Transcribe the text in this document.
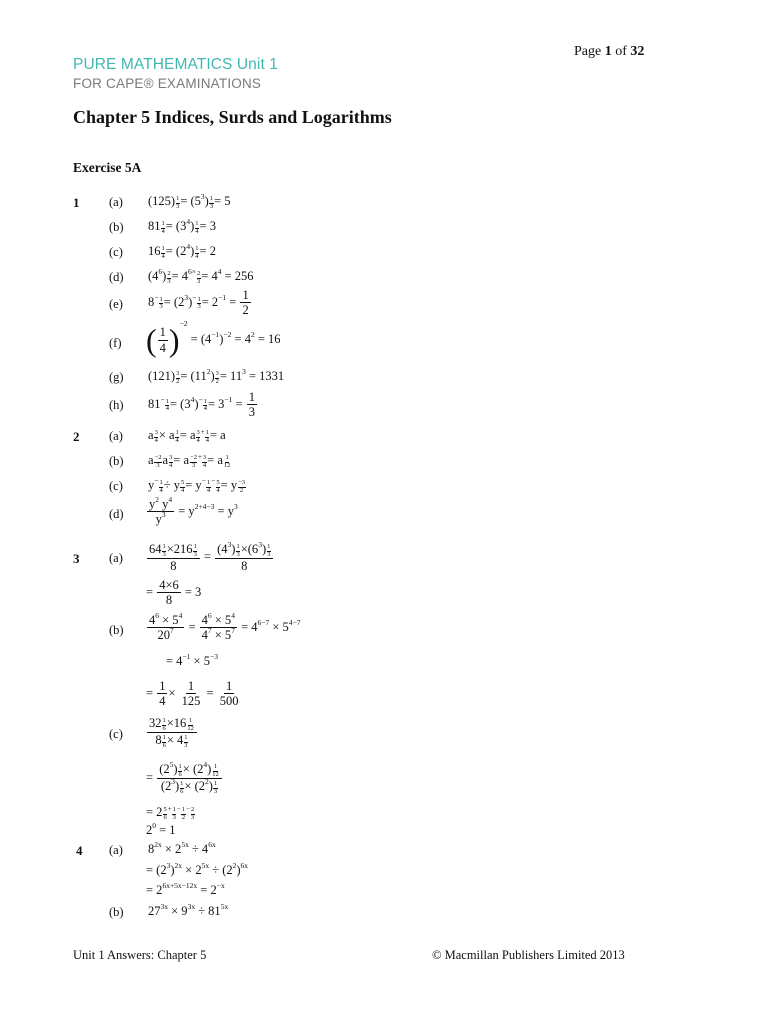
Page 1 of 32
PURE MATHEMATICS Unit 1
FOR CAPE® EXAMINATIONS
Chapter 5 Indices, Surds and Logarithms
Exercise 5A
1
2
3
4
(a)
(b)
(c)
(d)
(e)
(f)
(g)
(h)
(a)
(b)
(c)
(d)
(a)
(b)
(c)
(a)
(b)
$(125) \frac{1}{3} = (5^3) \frac{1}{3} = 5$
$81 \frac{1}{4} = (3^4) \frac{1}{4} = 3$
$16 \frac{1}{4} = (2^4) \frac{1}{4} = 2$
$(4^6) \frac{2}{3} = 4^{6\times} \frac{2}{3} = 4^4 = 256$
$8^- \frac{1}{3} = (2^3)^- \frac{1}{3} = 2^{-1} = \frac{1}{2}$
( $\frac{1}{4} )^{-2} = (4^{-1})^{-2} = 4^2 = 16$
$(121) \frac{3}{2} = (11^2) \frac{3}{2} = 11^3 = 1331$
$81^- \frac{1}{4} = (3^4)^- \frac{1}{4} = 3^{-1} = \frac{1}{3}$
a $\frac{3}{4} \times a \frac{1}{4} = a \frac{3}{4} ^+ \frac{1}{4} = a$
a $\frac{-2}{3}$ a $\frac{3}{4} = a \frac{-2}{3} ^+ \frac{3}{4} = a \frac{1}{12}$
$y^- \frac{1}{4} \div y \frac{5}{4} = y^- \frac{1}{4} ^- \frac{5}{4} = y \frac{-3}{2}$
$\frac{y^2 y^4}{y^3} = y^{2+4-3} = y^3$
$\frac{64 \frac{1}{3} \times 216 \frac{1}{3}}{8} = \frac{(4^3) \frac{1}{3} \times(6^3) \frac{1}{3}}{8}$
= $\frac{4\times 6}{8} = 3$
$\frac{4^6 \times 5^4}{20^7} = \frac{4^6 \times 5^4}{4^7 \times 5^7} = 4^{6-7} \times 5^{4-7}$
= $4^{-1} \times 5^{-3}$
= $\frac{1}{4} \times \frac{1}{125} = \frac{1}{500}$
$\frac{32 \frac{1}{6} \times 16 \frac{1}{12}}{8 \frac{1}{6} \times 4 \frac{1}{3}}$
= $\frac{(2^5) \frac{1}{6} \times (2^4) \frac{1}{12}}{(2^3) \frac{1}{6} \times (2^2) \frac{1}{3}}$
= $2 \frac{5}{6} ^+ \frac{1}{3} ^- \frac{1}{2} ^- \frac{2}{3}$
$2^0 = 1$
$8^{2x} \times 2^{5x} \div 4^{6x}$
= $(2^3)^{2x} \times 2^{5x} \div (2^2)^{6x}$
= $2^{6x+5x-12x} = 2^{-x}$
$27^{3x} \times 9^{3x} \div 81^{5x}$
Unit 1 Answers: Chapter 5	© Macmillan Publishers Limited 2013
